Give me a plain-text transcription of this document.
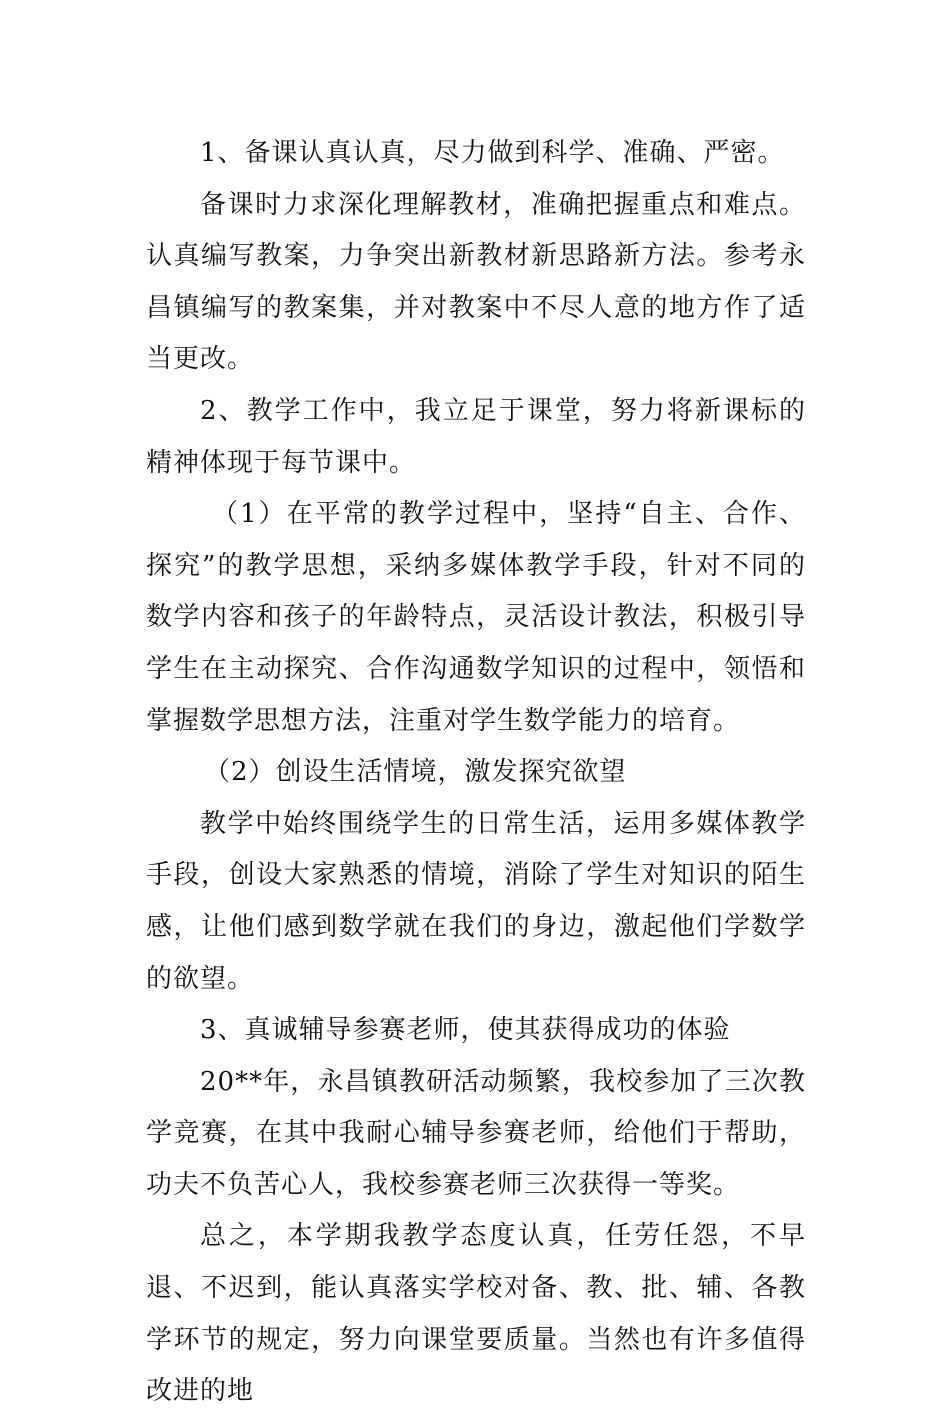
1、备课认真认真，尽力做到科学、准确、严密。

备课时力求深化理解教材，准确把握重点和难点。认真编写教案，力争突出新教材新思路新方法。参考永昌镇编写的教案集，并对教案中不尽人意的地方作了适当更改。

2、教学工作中，我立足于课堂，努力将新课标的精神体现于每节课中。

（1）在平常的教学过程中，坚持“自主、合作、探究”的教学思想，采纳多媒体教学手段，针对不同的数学内容和孩子的年龄特点，灵活设计教法，积极引导学生在主动探究、合作沟通数学知识的过程中，领悟和掌握数学思想方法，注重对学生数学能力的培育。

（2）创设生活情境，激发探究欲望

教学中始终围绕学生的日常生活，运用多媒体教学手段，创设大家熟悉的情境，消除了学生对知识的陌生感，让他们感到数学就在我们的身边，激起他们学数学的欲望。

3、真诚辅导参赛老师，使其获得成功的体验

20**年，永昌镇教研活动频繁，我校参加了三次教学竞赛，在其中我耐心辅导参赛老师，给他们于帮助，功夫不负苦心人，我校参赛老师三次获得一等奖。

总之，本学期我教学态度认真，任劳任怨，不早退、不迟到，能认真落实学校对备、教、批、辅、各教学环节的规定，努力向课堂要质量。当然也有许多值得改进的地
